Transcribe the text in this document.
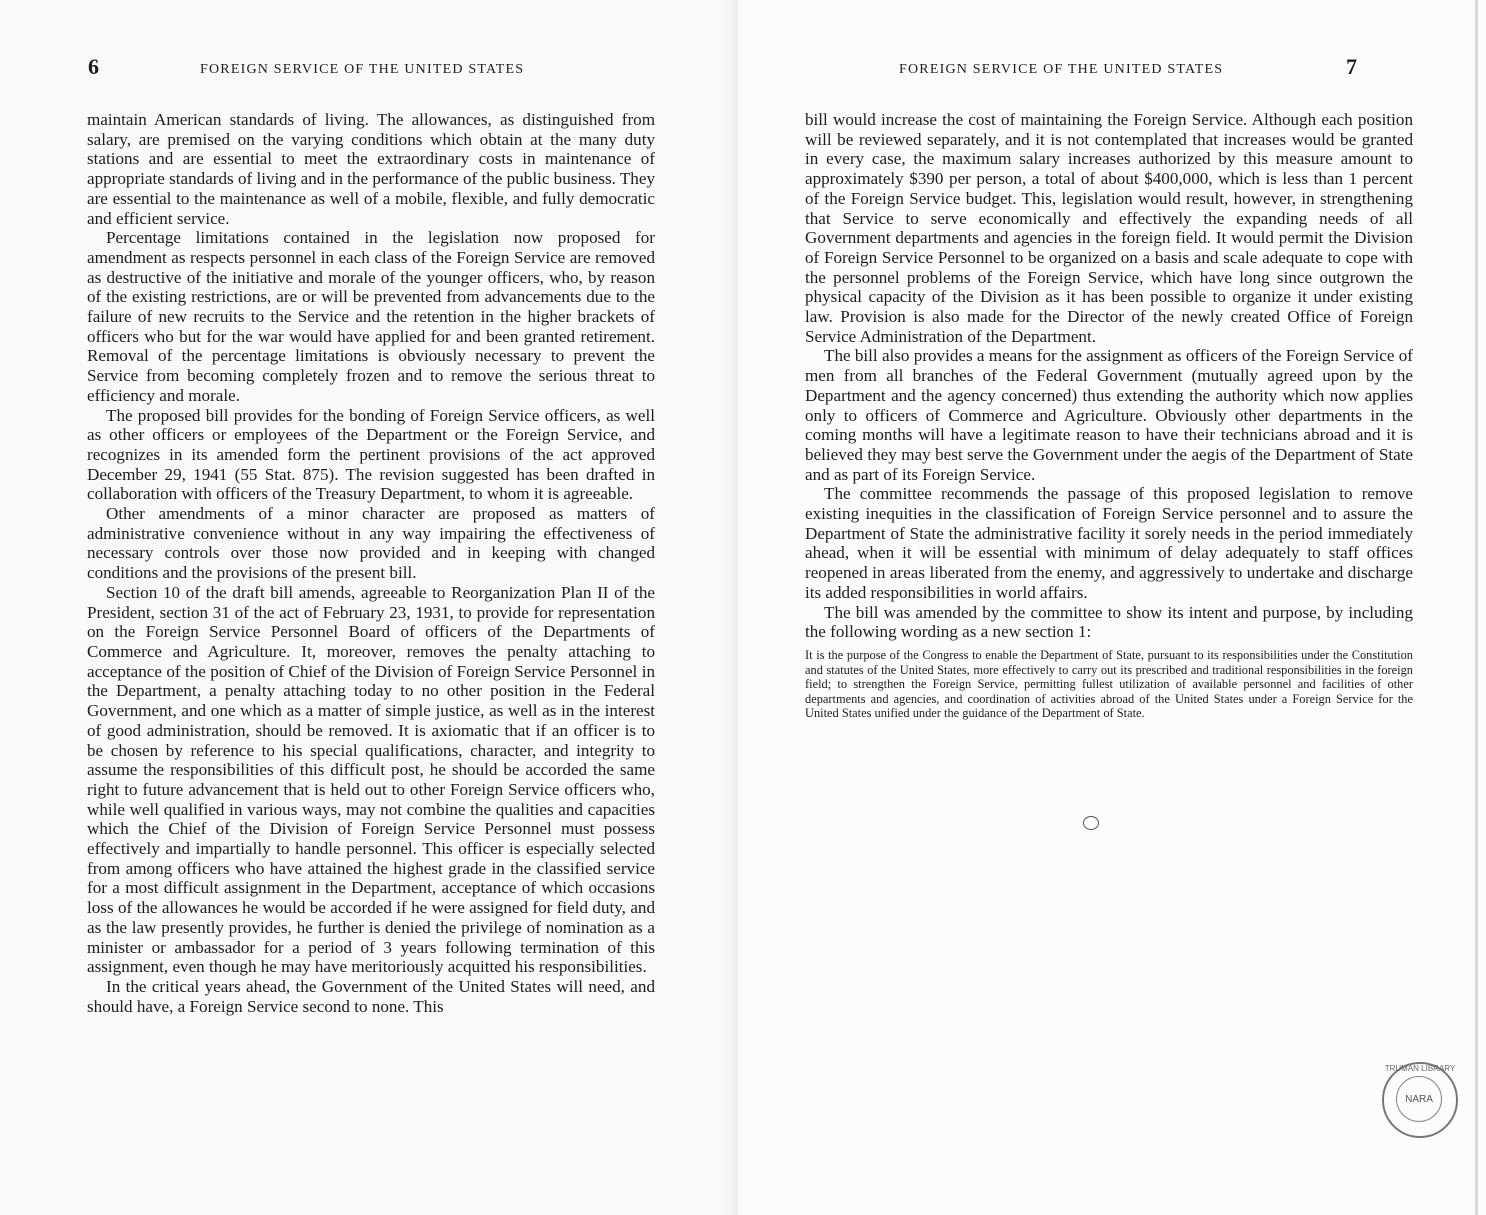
6	FOREIGN SERVICE OF THE UNITED STATES

maintain American standards of living. The allowances, as distinguished from salary, are premised on the varying conditions which obtain at the many duty stations and are essential to meet the extraordinary costs in maintenance of appropriate standards of living and in the performance of the public business. They are essential to the maintenance as well of a mobile, flexible, and fully democratic and efficient service.

Percentage limitations contained in the legislation now proposed for amendment as respects personnel in each class of the Foreign Service are removed as destructive of the initiative and morale of the younger officers, who, by reason of the existing restrictions, are or will be prevented from advancements due to the failure of new recruits to the Service and the retention in the higher brackets of officers who but for the war would have applied for and been granted retirement. Removal of the percentage limitations is obviously necessary to prevent the Service from becoming completely frozen and to remove the serious threat to efficiency and morale.

The proposed bill provides for the bonding of Foreign Service officers, as well as other officers or employees of the Department or the Foreign Service, and recognizes in its amended form the pertinent provisions of the act approved December 29, 1941 (55 Stat. 875). The revision suggested has been drafted in collaboration with officers of the Treasury Department, to whom it is agreeable.

Other amendments of a minor character are proposed as matters of administrative convenience without in any way impairing the effectiveness of necessary controls over those now provided and in keeping with changed conditions and the provisions of the present bill.

Section 10 of the draft bill amends, agreeable to Reorganization Plan II of the President, section 31 of the act of February 23, 1931, to provide for representation on the Foreign Service Personnel Board of officers of the Departments of Commerce and Agriculture. It, moreover, removes the penalty attaching to acceptance of the position of Chief of the Division of Foreign Service Personnel in the Department, a penalty attaching today to no other position in the Federal Government, and one which as a matter of simple justice, as well as in the interest of good administration, should be removed. It is axiomatic that if an officer is to be chosen by reference to his special qualifications, character, and integrity to assume the responsibilities of this difficult post, he should be accorded the same right to future advancement that is held out to other Foreign Service officers who, while well qualified in various ways, may not combine the qualities and capacities which the Chief of the Division of Foreign Service Personnel must possess effectively and impartially to handle personnel. This officer is especially selected from among officers who have attained the highest grade in the classified service for a most difficult assignment in the Department, acceptance of which occasions loss of the allowances he would be accorded if he were assigned for field duty, and as the law presently provides, he further is denied the privilege of nomination as a minister or ambassador for a period of 3 years following termination of this assignment, even though he may have meritoriously acquitted his responsibilities.

In the critical years ahead, the Government of the United States will need, and should have, a Foreign Service second to none. This

FOREIGN SERVICE OF THE UNITED STATES	7

bill would increase the cost of maintaining the Foreign Service. Although each position will be reviewed separately, and it is not contemplated that increases would be granted in every case, the maximum salary increases authorized by this measure amount to approximately $390 per person, a total of about $400,000, which is less than 1 percent of the Foreign Service budget. This, legislation would result, however, in strengthening that Service to serve economically and effectively the expanding needs of all Government departments and agencies in the foreign field. It would permit the Division of Foreign Service Personnel to be organized on a basis and scale adequate to cope with the personnel problems of the Foreign Service, which have long since outgrown the physical capacity of the Division as it has been possible to organize it under existing law. Provision is also made for the Director of the newly created Office of Foreign Service Administration of the Department.

The bill also provides a means for the assignment as officers of the Foreign Service of men from all branches of the Federal Government (mutually agreed upon by the Department and the agency concerned) thus extending the authority which now applies only to officers of Commerce and Agriculture. Obviously other departments in the coming months will have a legitimate reason to have their technicians abroad and it is believed they may best serve the Government under the aegis of the Department of State and as part of its Foreign Service.

The committee recommends the passage of this proposed legislation to remove existing inequities in the classification of Foreign Service personnel and to assure the Department of State the administrative facility it sorely needs in the period immediately ahead, when it will be essential with minimum of delay adequately to staff offices reopened in areas liberated from the enemy, and aggressively to undertake and discharge its added responsibilities in world affairs.

The bill was amended by the committee to show its intent and purpose, by including the following wording as a new section 1:

It is the purpose of the Congress to enable the Department of State, pursuant to its responsibilities under the Constitution and statutes of the United States, more effectively to carry out its prescribed and traditional responsibilities in the foreign field; to strengthen the Foreign Service, permitting fullest utilization of available personnel and facilities of other departments and agencies, and coordination of activities abroad of the United States under a Foreign Service for the United States unified under the guidance of the Department of State.

TRUMAN LIBRARY
NARA
